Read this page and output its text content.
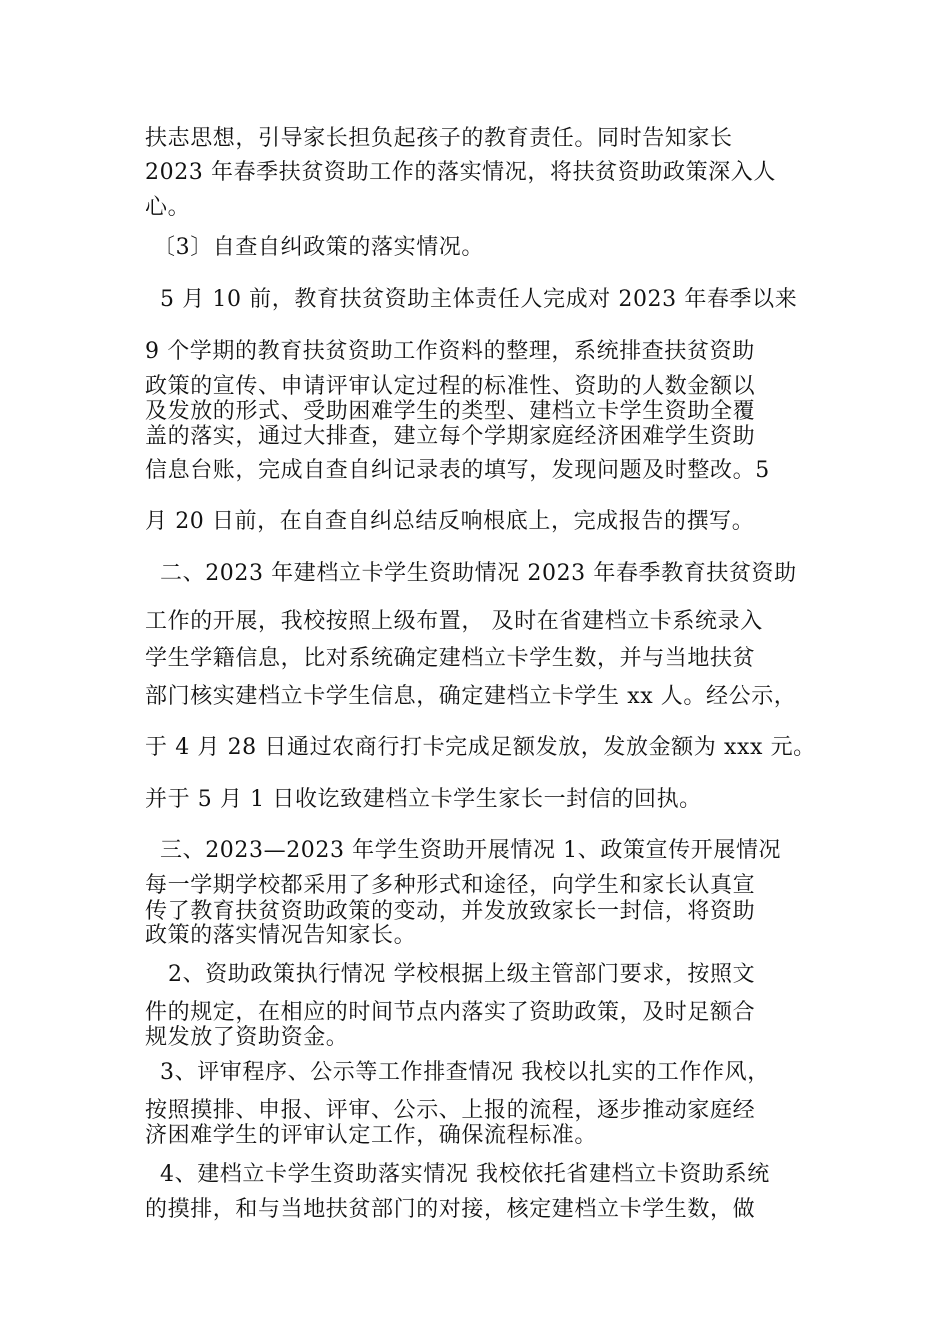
扶志思想，引导家长担负起孩子的教育责任。同时告知家长
2023 年春季扶贫资助工作的落实情况，将扶贫资助政策深入人
心。
〔3〕自查自纠政策的落实情况。
5 月 10 前，教育扶贫资助主体责任人完成对 2023 年春季以来
9 个学期的教育扶贫资助工作资料的整理，系统排查扶贫资助
政策的宣传、申请评审认定过程的标准性、资助的人数金额以
及发放的形式、受助困难学生的类型、建档立卡学生资助全覆
盖的落实，通过大排查，建立每个学期家庭经济困难学生资助
信息台账，完成自查自纠记录表的填写，发现问题及时整改。5
月 20 日前，在自查自纠总结反响根底上，完成报告的撰写。
二、2023 年建档立卡学生资助情况 2023 年春季教育扶贫资助
工作的开展，我校按照上级布置， 及时在省建档立卡系统录入
学生学籍信息，比对系统确定建档立卡学生数，并与当地扶贫
部门核实建档立卡学生信息，确定建档立卡学生 xx 人。经公示，
于 4 月 28 日通过农商行打卡完成足额发放，发放金额为 xxx 元。
并于 5 月 1 日收讫致建档立卡学生家长一封信的回执。
三、2023—2023 年学生资助开展情况 1、政策宣传开展情况
每一学期学校都采用了多种形式和途径，向学生和家长认真宣
传了教育扶贫资助政策的变动，并发放致家长一封信，将资助
政策的落实情况告知家长。
2、资助政策执行情况 学校根据上级主管部门要求，按照文
件的规定，在相应的时间节点内落实了资助政策，及时足额合
规发放了资助资金。
3、评审程序、公示等工作排查情况 我校以扎实的工作作风，
按照摸排、申报、评审、公示、上报的流程，逐步推动家庭经
济困难学生的评审认定工作，确保流程标准。
4、建档立卡学生资助落实情况 我校依托省建档立卡资助系统
的摸排，和与当地扶贫部门的对接，核定建档立卡学生数，做
